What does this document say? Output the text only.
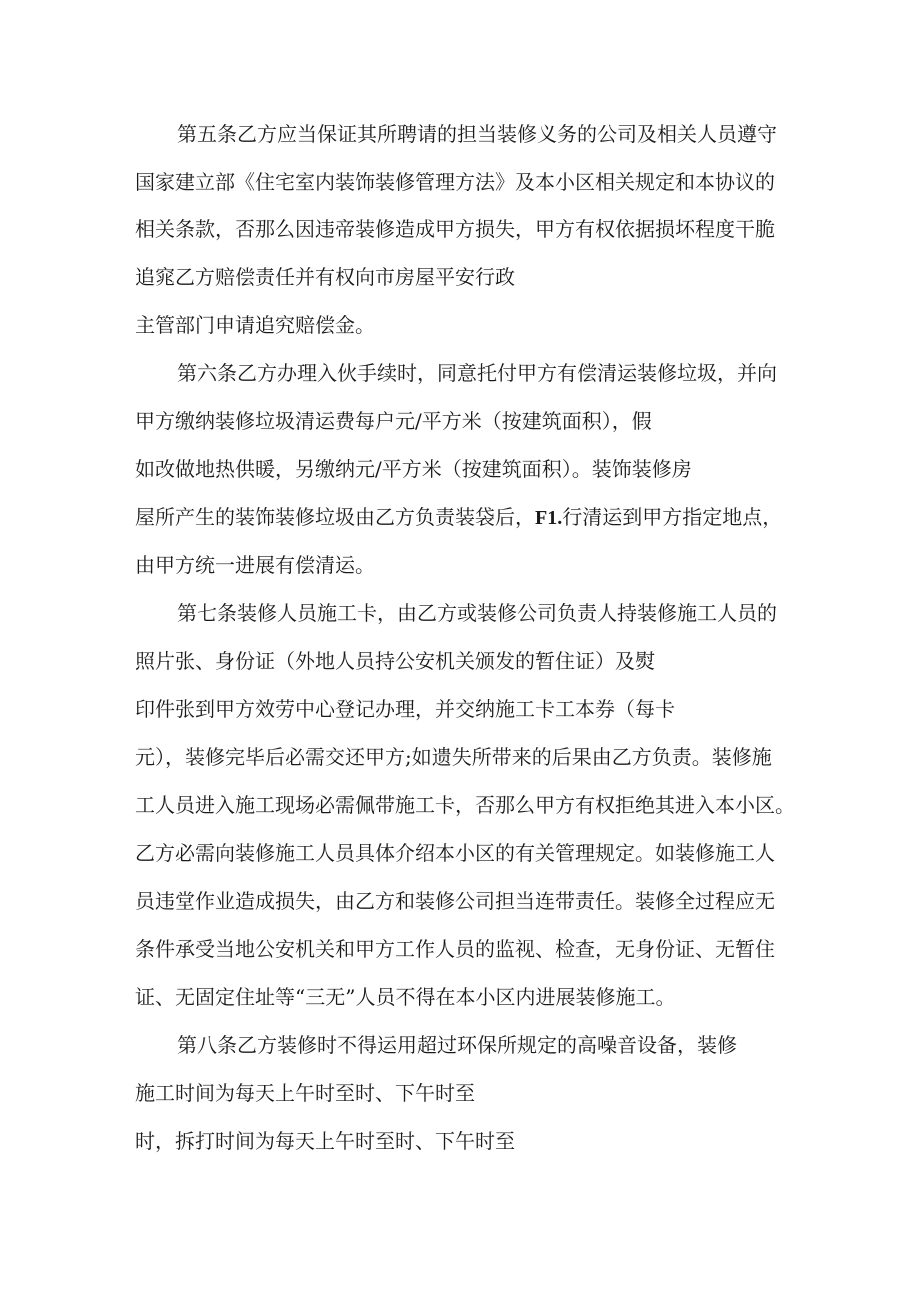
第五条乙方应当保证其所聘请的担当装修义务的公司及相关人员遵守
国家建立部《住宅室内装饰装修管理方法》及本小区相关规定和本协议的
相关条款，否那么因违帝装修造成甲方损失，甲方有权依据损坏程度干脆
追窕乙方赔偿责任并有权向市房屋平安行政
主管部门申请追究赔偿金。
第六条乙方办理入伙手续时，同意托付甲方有偿清运装修垃圾，并向
甲方缴纳装修垃圾清运费每户元/平方米（按建筑面积），假
如改做地热供暖，另缴纳元/平方米（按建筑面积）。装饰装修房
屋所产生的装饰装修垃圾由乙方负责装袋后，F1.行清运到甲方指定地点，
由甲方统一进展有偿清运。
第七条装修人员施工卡，由乙方或装修公司负责人持装修施工人员的
照片张、身份证（外地人员持公安机关颁发的暂住证）及熨
印件张到甲方效劳中心登记办理，并交纳施工卡工本券（每卡
元），装修完毕后必需交还甲方;如遗失所带来的后果由乙方负责。装修施
工人员进入施工现场必需佩带施工卡，否那么甲方有权拒绝其进入本小区。
乙方必需向装修施工人员具体介绍本小区的有关管理规定。如装修施工人
员违堂作业造成损失，由乙方和装修公司担当连带责任。装修全过程应无
条件承受当地公安机关和甲方工作人员的监视、检查，无身份证、无暂住
证、无固定住址等“三无”人员不得在本小区内进展装修施工。
第八条乙方装修时不得运用超过环保所规定的高噪音设备，装修
施工时间为每天上午时至时、下午时至
时，拆打时间为每天上午时至时、下午时至
